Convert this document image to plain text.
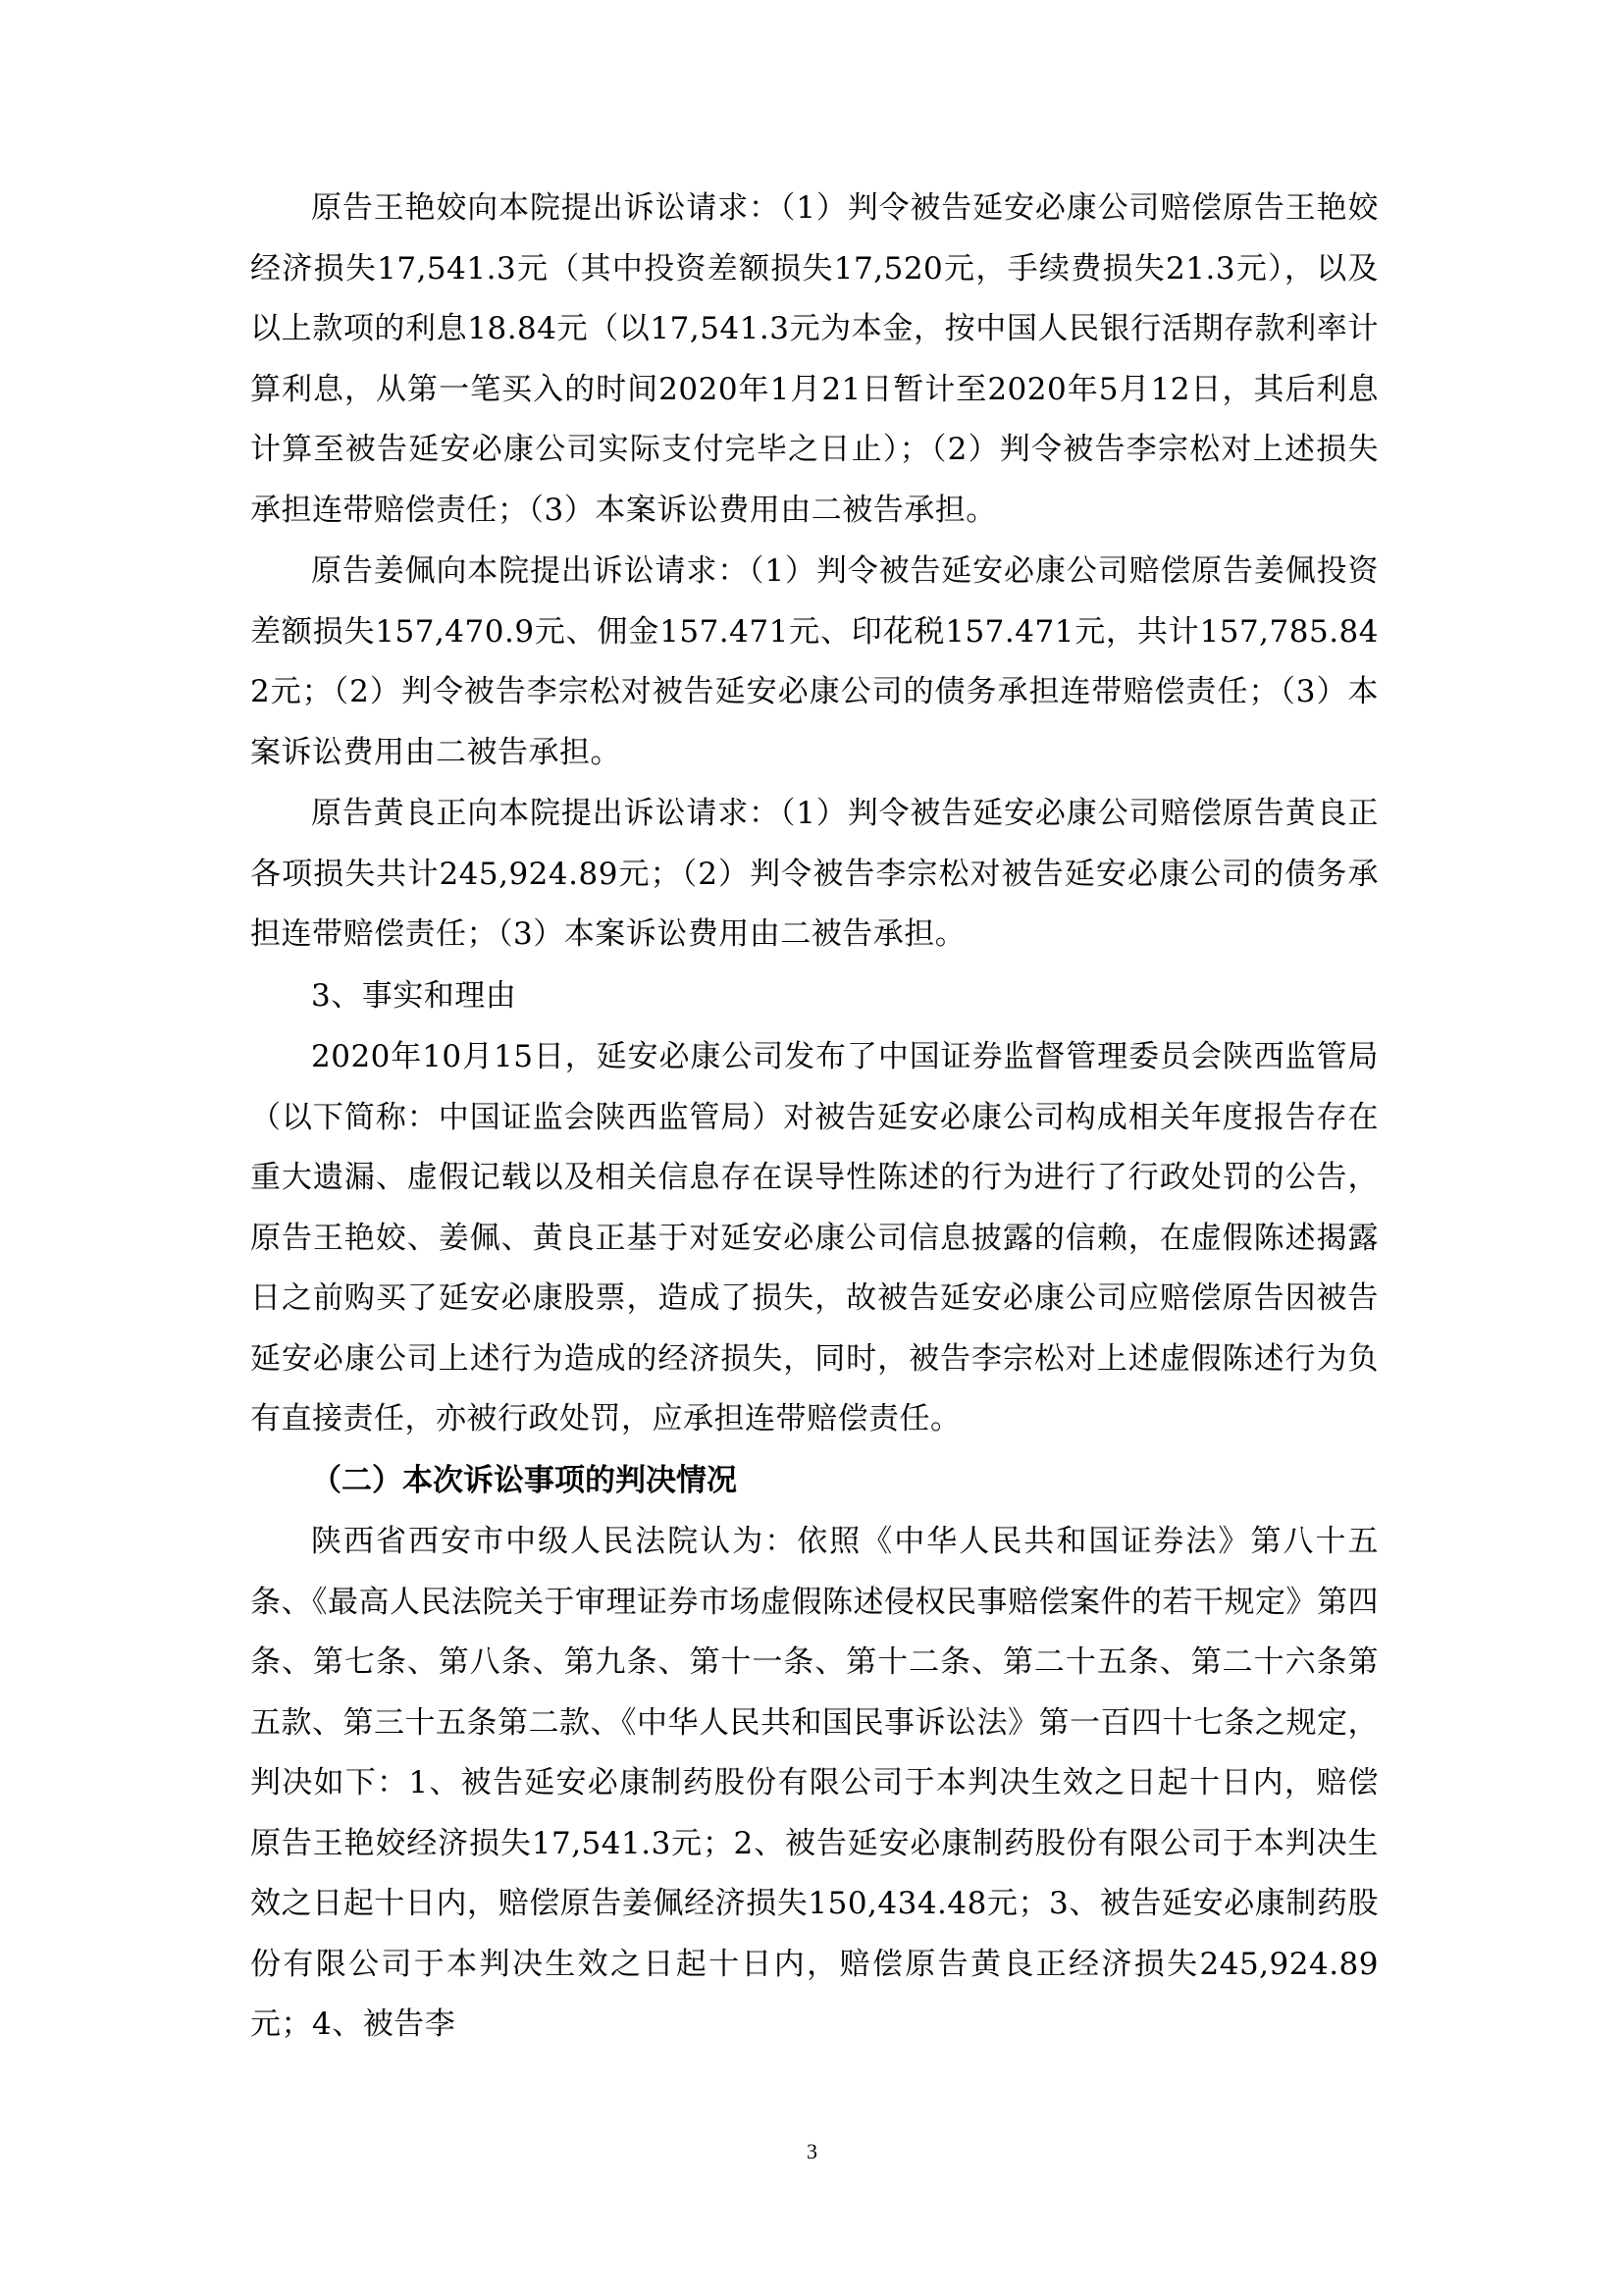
原告王艳姣向本院提出诉讼请求：（1）判令被告延安必康公司赔偿原告王艳姣经济损失17,541.3元（其中投资差额损失17,520元，手续费损失21.3元），以及以上款项的利息18.84元（以17,541.3元为本金，按中国人民银行活期存款利率计算利息，从第一笔买入的时间2020年1月21日暂计至2020年5月12日，其后利息计算至被告延安必康公司实际支付完毕之日止）；（2）判令被告李宗松对上述损失承担连带赔偿责任；（3）本案诉讼费用由二被告承担。

原告姜佩向本院提出诉讼请求：（1）判令被告延安必康公司赔偿原告姜佩投资差额损失157,470.9元、佣金157.471元、印花税157.471元，共计157,785.842元；（2）判令被告李宗松对被告延安必康公司的债务承担连带赔偿责任；（3）本案诉讼费用由二被告承担。

原告黄良正向本院提出诉讼请求：（1）判令被告延安必康公司赔偿原告黄良正各项损失共计245,924.89元；（2）判令被告李宗松对被告延安必康公司的债务承担连带赔偿责任；（3）本案诉讼费用由二被告承担。

3、事实和理由

2020年10月15日，延安必康公司发布了中国证券监督管理委员会陕西监管局（以下简称：中国证监会陕西监管局）对被告延安必康公司构成相关年度报告存在重大遗漏、虚假记载以及相关信息存在误导性陈述的行为进行了行政处罚的公告，原告王艳姣、姜佩、黄良正基于对延安必康公司信息披露的信赖，在虚假陈述揭露日之前购买了延安必康股票，造成了损失，故被告延安必康公司应赔偿原告因被告延安必康公司上述行为造成的经济损失，同时，被告李宗松对上述虚假陈述行为负有直接责任，亦被行政处罚，应承担连带赔偿责任。

（二）本次诉讼事项的判决情况

陕西省西安市中级人民法院认为：依照《中华人民共和国证券法》第八十五条、《最高人民法院关于审理证券市场虚假陈述侵权民事赔偿案件的若干规定》第四条、第七条、第八条、第九条、第十一条、第十二条、第二十五条、第二十六条第五款、第三十五条第二款、《中华人民共和国民事诉讼法》第一百四十七条之规定，判决如下：1、被告延安必康制药股份有限公司于本判决生效之日起十日内，赔偿原告王艳姣经济损失17,541.3元；2、被告延安必康制药股份有限公司于本判决生效之日起十日内，赔偿原告姜佩经济损失150,434.48元；3、被告延安必康制药股份有限公司于本判决生效之日起十日内，赔偿原告黄良正经济损失245,924.89元；4、被告李

3
